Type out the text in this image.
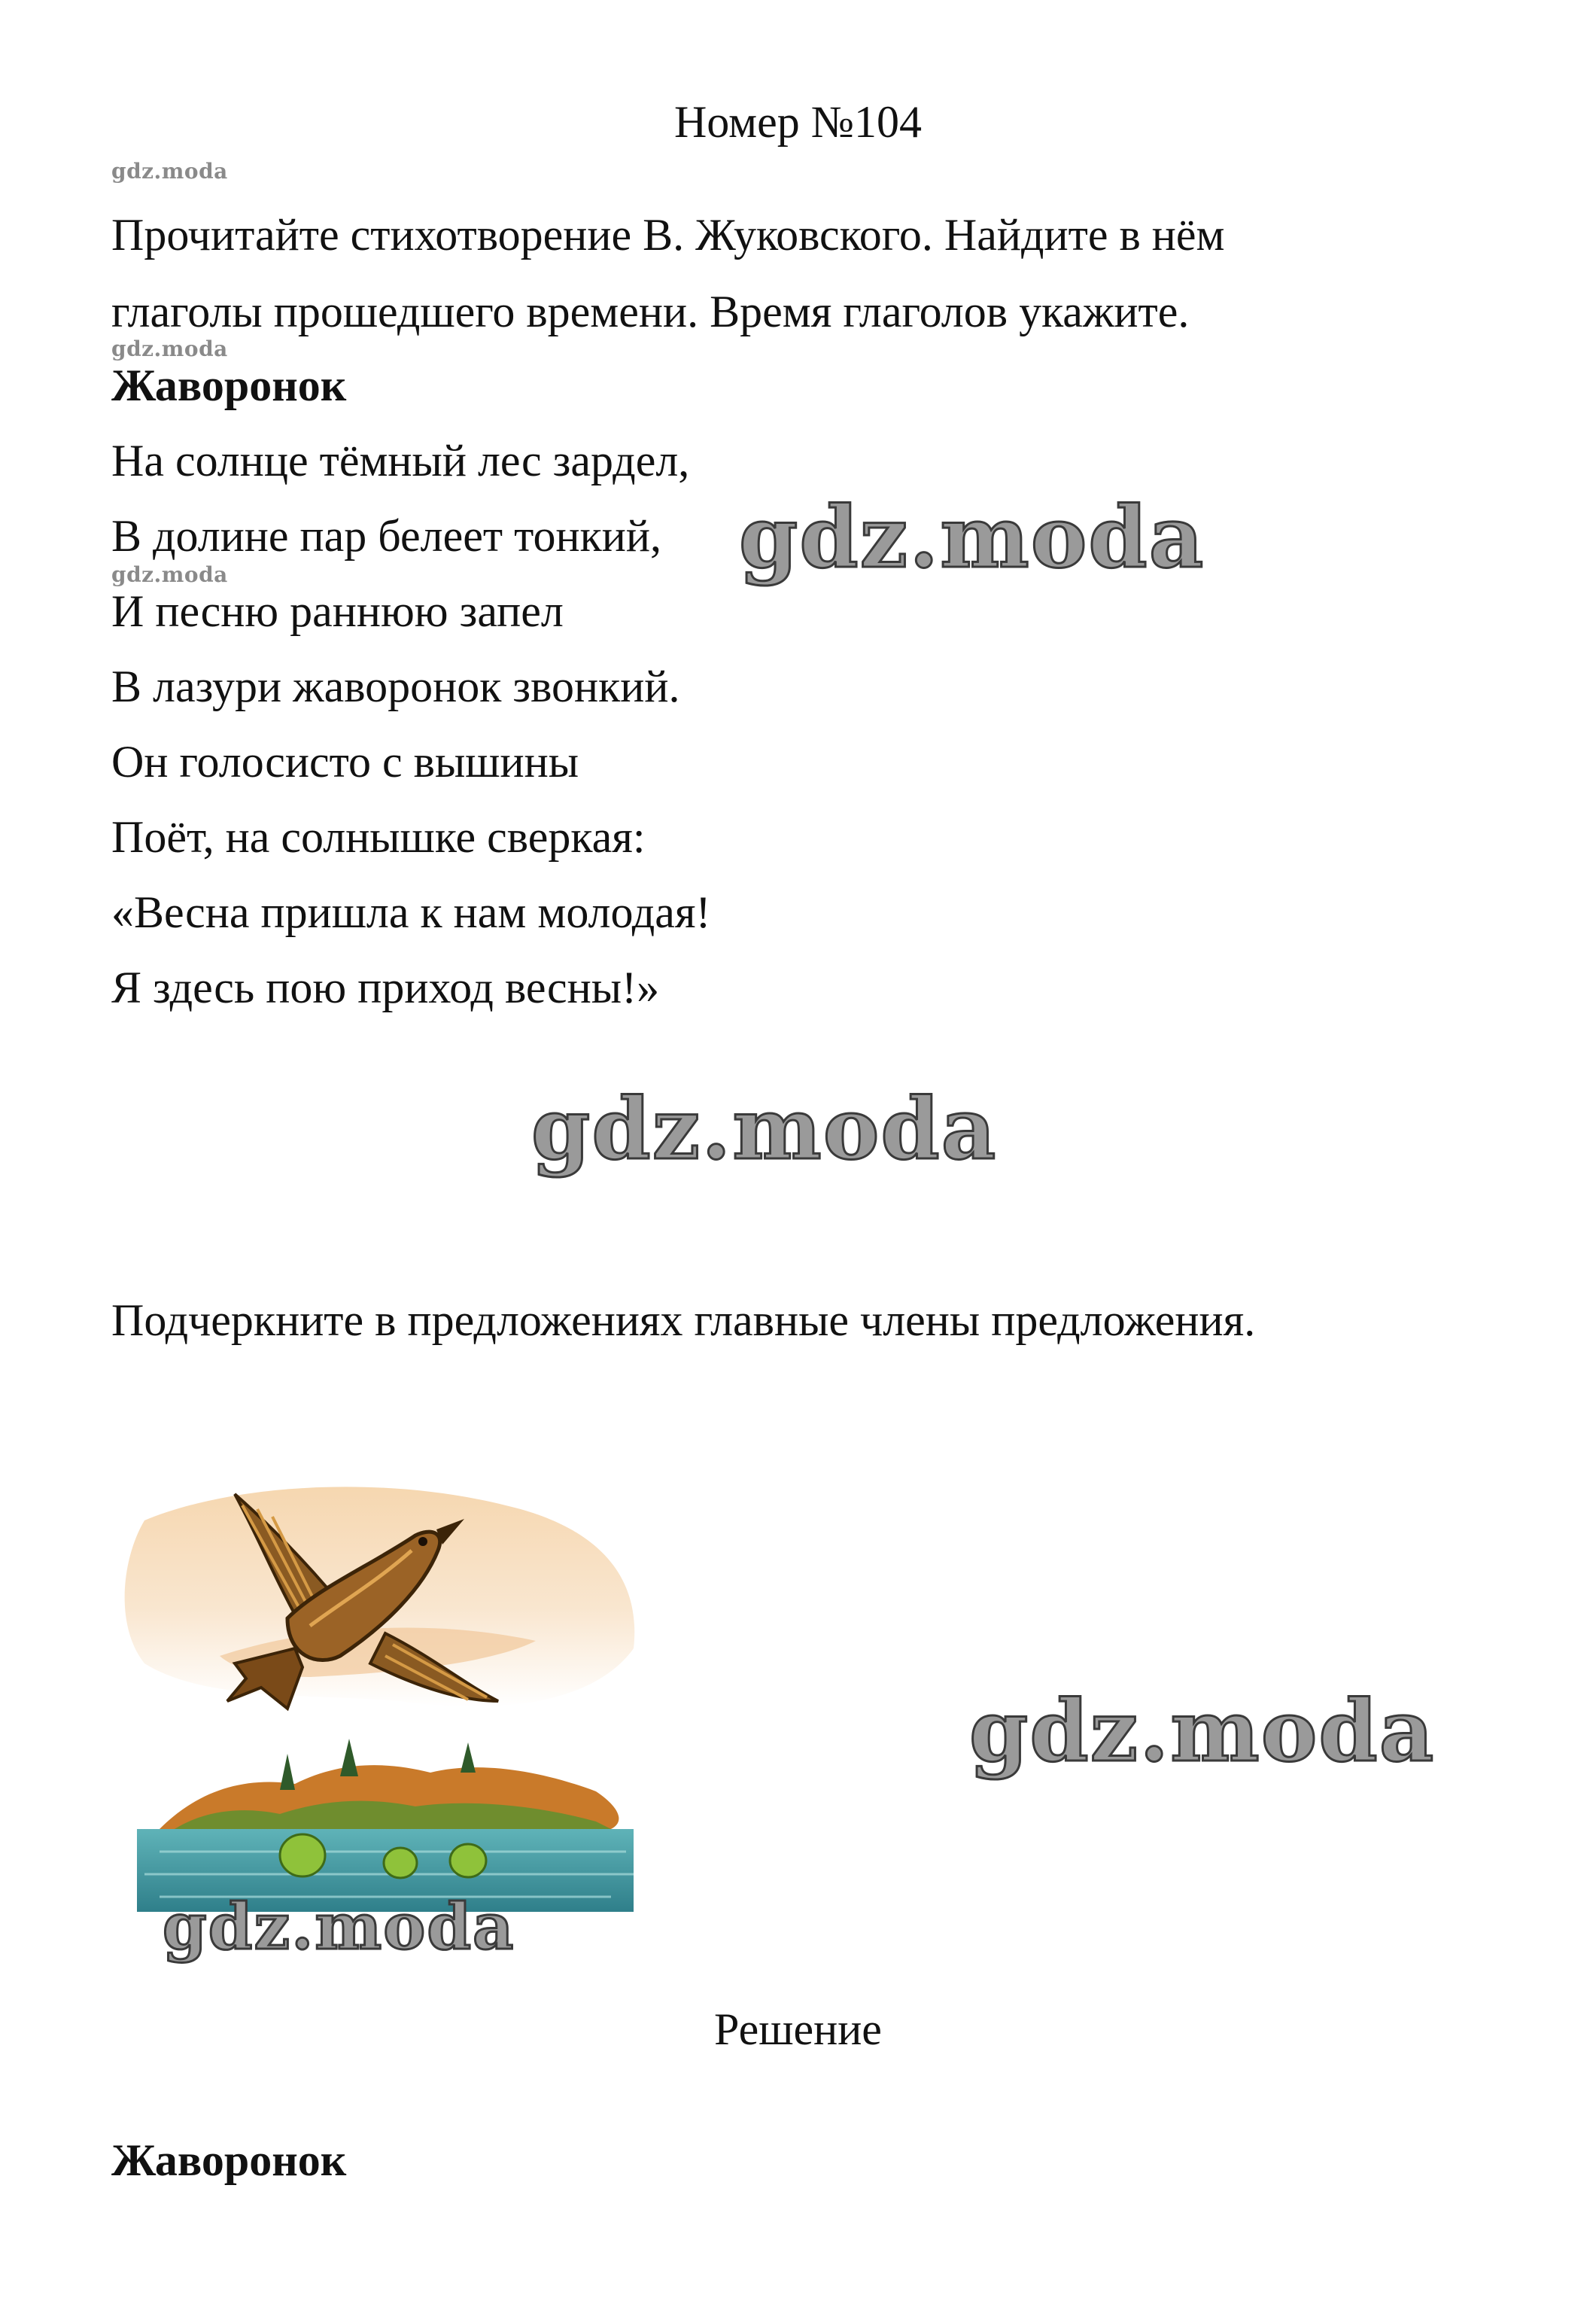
Номер №104
gdz.moda
Прочитайте стихотворение В. Жуковского. Найдите в нём
глаголы прошедшего времени. Время глаголов укажите.
gdz.moda
Жаворонок
На солнце тёмный лес зардел,
В долине пар белеет тонкий,
gdz.moda
И песню раннюю запел
В лазури жаворонок звонкий.
Он голосисто с вышины
Поёт, на солнышке сверкая:
«Весна пришла к нам молодая!
Я здесь пою приход весны!»
gdz.moda
gdz.moda
Подчеркните в предложениях главные члены предложения.
gdz.moda
gdz.moda
Решение
Жаворонок
